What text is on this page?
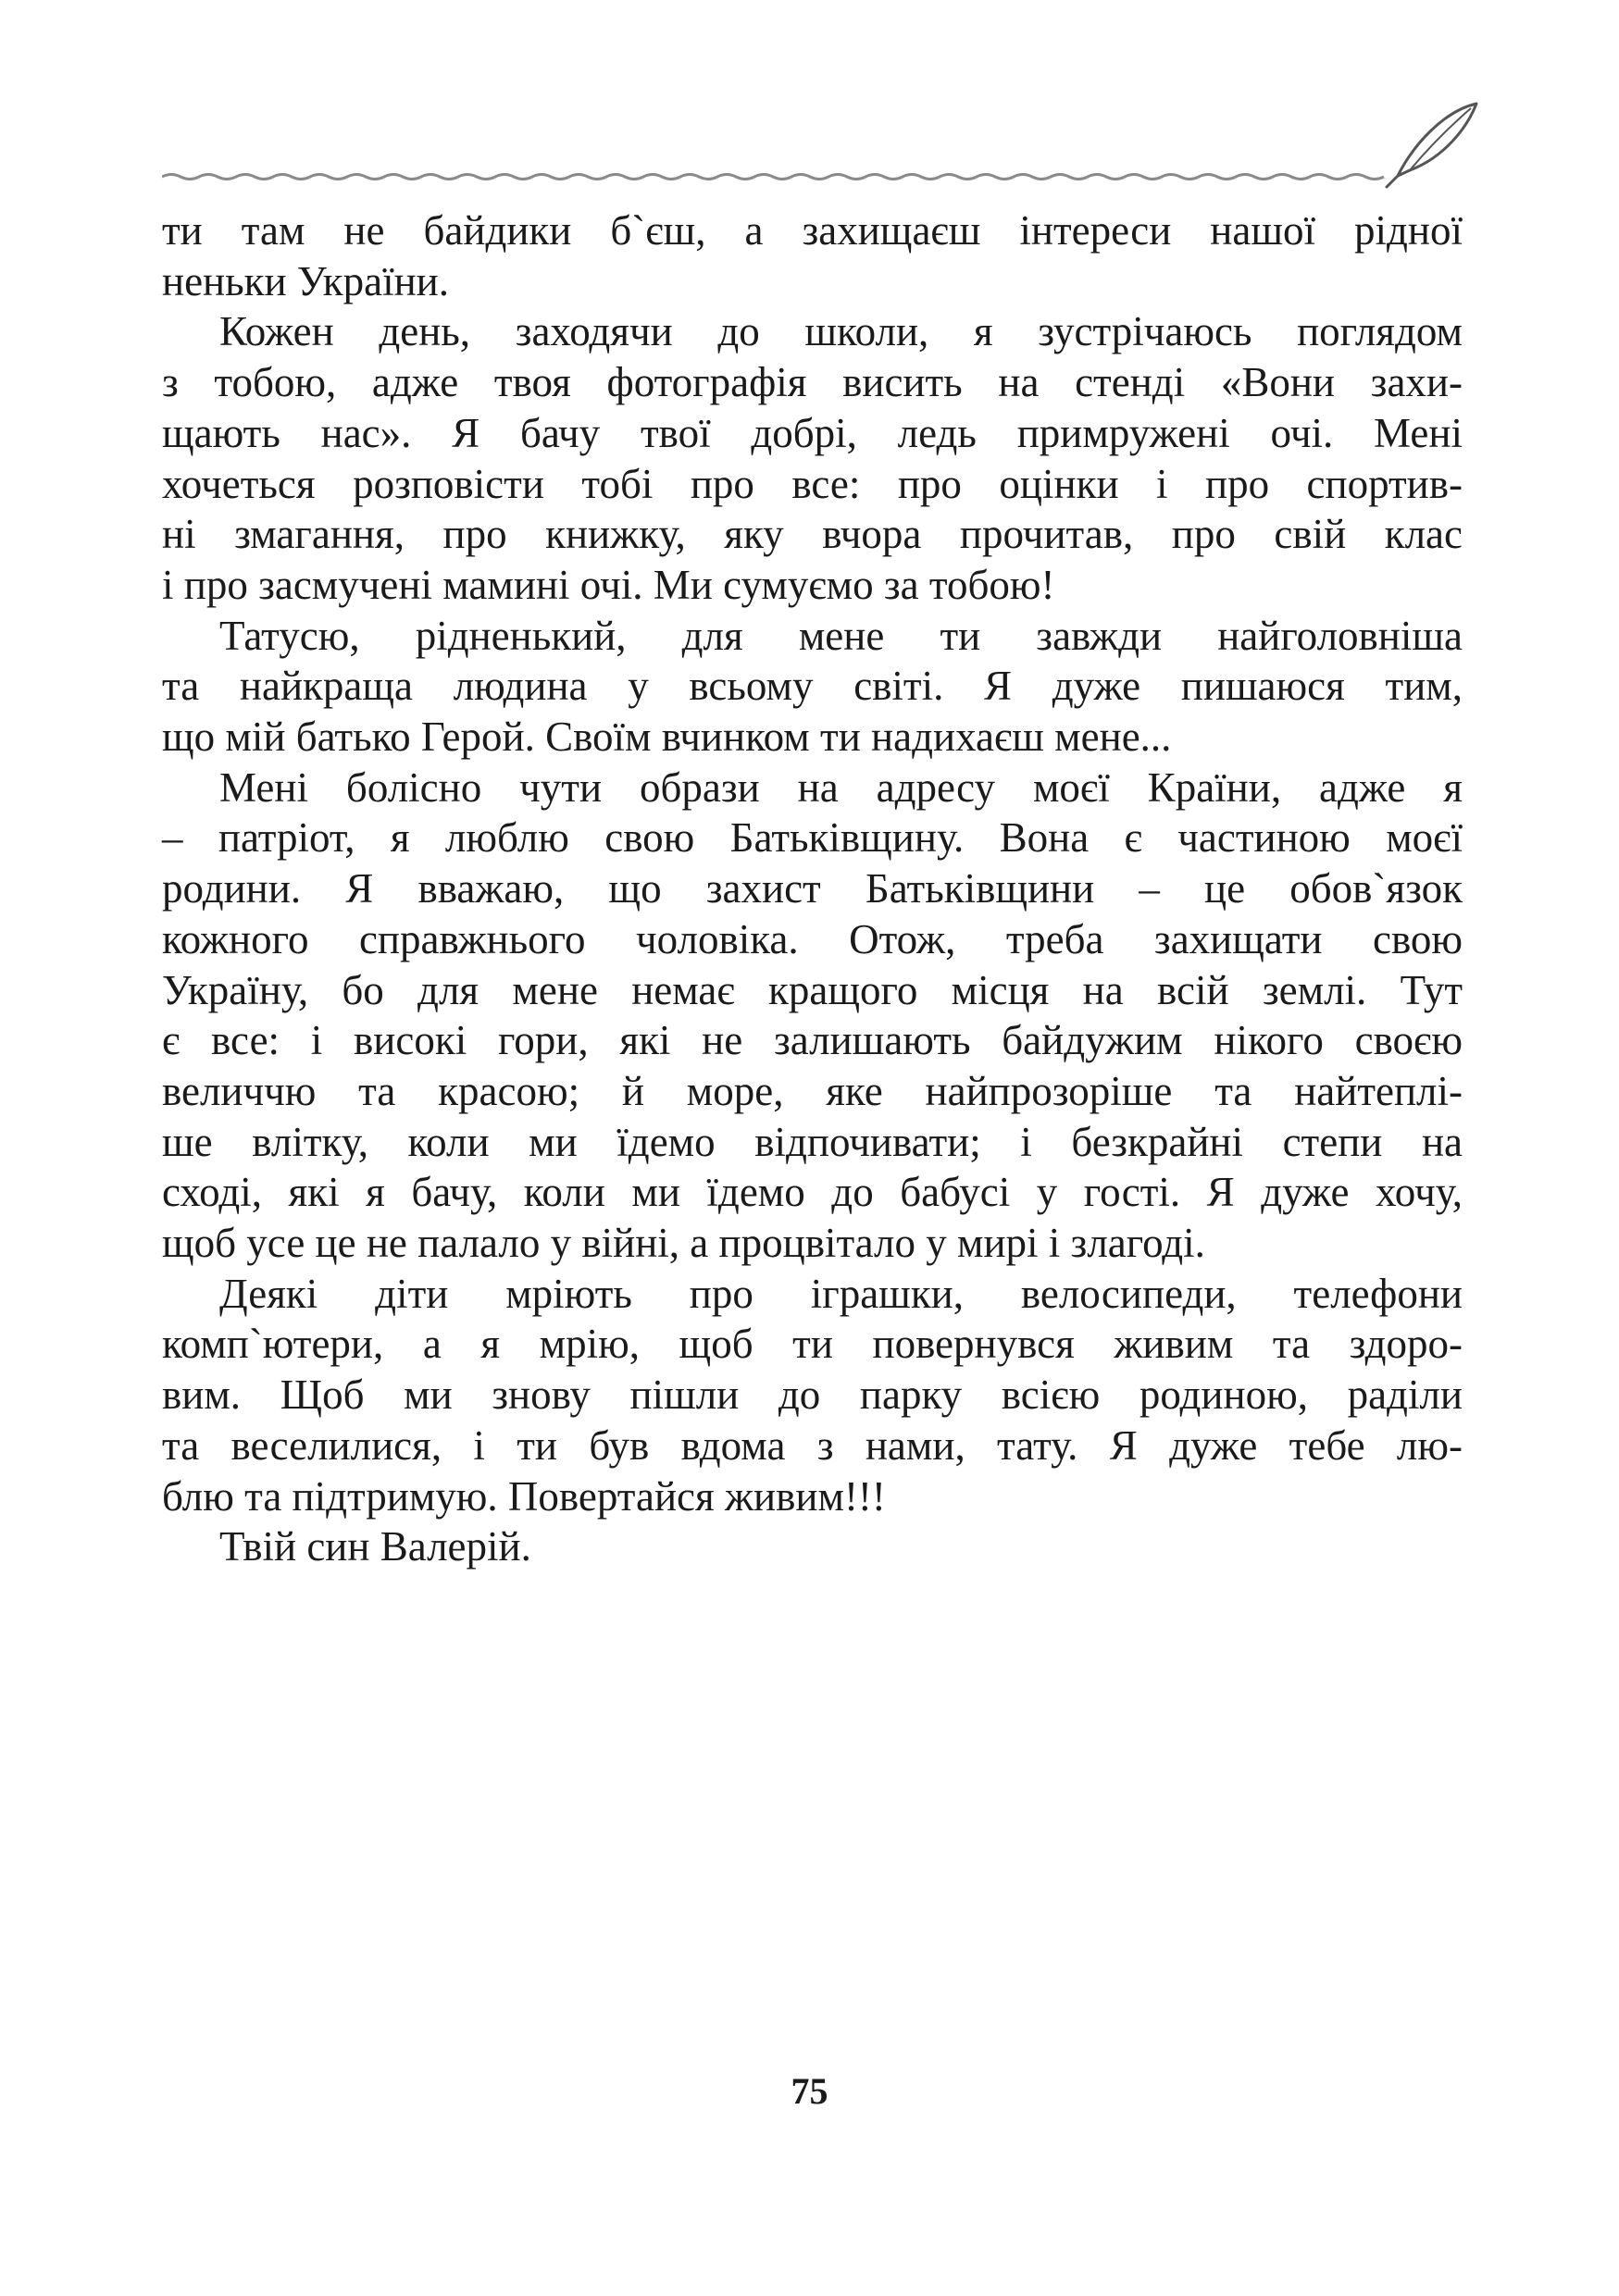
ти там не байдики б`єш, а захищаєш інтереси нашої рідної
неньки України.
Кожен день, заходячи до школи, я зустрічаюсь поглядом
з тобою, адже твоя фотографія висить на стенді «Вони захи-
щають нас». Я бачу твої добрі, ледь примружені очі. Мені
хочеться розповісти тобі про все: про оцінки і про спортив-
ні змагання, про книжку, яку вчора прочитав, про свій клас
і про засмучені мамині очі. Ми сумуємо за тобою!
Татусю, рідненький, для мене ти завжди найголовніша
та найкраща людина у всьому світі. Я дуже пишаюся тим,
що мій батько Герой. Своїм вчинком ти надихаєш мене...
Мені болісно чути образи на адресу моєї Країни, адже я
– патріот, я люблю свою Батьківщину. Вона є частиною моєї
родини. Я вважаю, що захист Батьківщини – це обов`язок
кожного справжнього чоловіка. Отож, треба захищати свою
Україну, бо для мене немає кращого місця на всій землі. Тут
є все: і високі гори, які не залишають байдужим нікого своєю
величчю та красою; й море, яке найпрозоріше та найтеплі-
ше влітку, коли ми їдемо відпочивати; і безкрайні степи на
сході, які я бачу, коли ми їдемо до бабусі у гості. Я дуже хочу,
щоб усе це не палало у війні, а процвітало у мирі і злагоді.
Деякі діти мріють про іграшки, велосипеди, телефони
комп`ютери, а я мрію, щоб ти повернувся живим та здоро-
вим. Щоб ми знову пішли до парку всією родиною, раділи
та веселилися, і ти був вдома з нами, тату. Я дуже тебе лю-
блю та підтримую. Повертайся живим!!!
Твій син Валерій.
75
